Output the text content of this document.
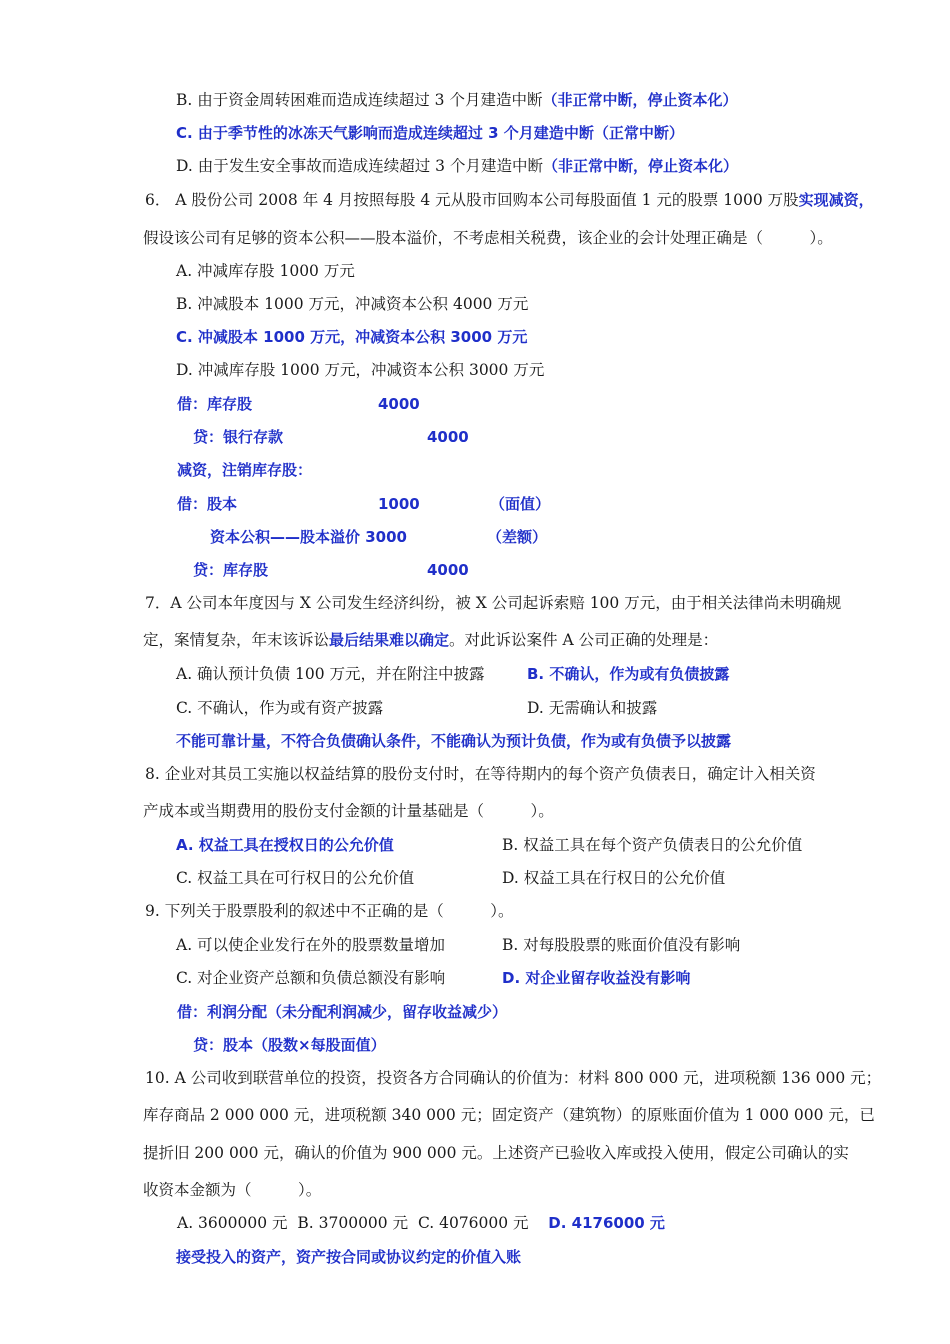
B. 由于资金周转困难而造成连续超过 3 个月建造中断（非正常中断，停止资本化）
C. 由于季节性的冰冻天气影响而造成连续超过 3 个月建造中断（正常中断）
D. 由于发生安全事故而造成连续超过 3 个月建造中断（非正常中断，停止资本化）
6． A 股份公司 2008 年 4 月按照每股 4 元从股市回购本公司每股面值 1 元的股票 1000 万股实现减资，
假设该公司有足够的资本公积——股本溢价，不考虑相关税费，该企业的会计处理正确是（　　　）。
A. 冲减库存股 1000 万元
B. 冲减股本 1000 万元，冲减资本公积 4000 万元
C. 冲减股本 1000 万元，冲减资本公积 3000 万元
D. 冲减库存股 1000 万元，冲减资本公积 3000 万元
借：库存股	4000
贷：银行存款	4000
减资，注销库存股：
借：股本	1000	（面值）
资本公积——股本溢价 3000	（差额）
贷：库存股	4000
7．A 公司本年度因与 X 公司发生经济纠纷，被 X 公司起诉索赔 100 万元，由于相关法律尚未明确规
定，案情复杂，年末该诉讼最后结果难以确定。对此诉讼案件 A 公司正确的处理是：
A. 确认预计负债 100 万元，并在附注中披露	B. 不确认，作为或有负债披露
C. 不确认，作为或有资产披露	D. 无需确认和披露
不能可靠计量，不符合负债确认条件，不能确认为预计负债，作为或有负债予以披露
8. 企业对其员工实施以权益结算的股份支付时，在等待期内的每个资产负债表日，确定计入相关资
产成本或当期费用的股份支付金额的计量基础是（　　　）。
A. 权益工具在授权日的公允价值	B. 权益工具在每个资产负债表日的公允价值
C. 权益工具在可行权日的公允价值	D. 权益工具在行权日的公允价值
9. 下列关于股票股利的叙述中不正确的是（　　　）。
A. 可以使企业发行在外的股票数量增加	B. 对每股股票的账面价值没有影响
C. 对企业资产总额和负债总额没有影响	D. 对企业留存收益没有影响
借：利润分配（未分配利润减少，留存收益减少）
贷：股本（股数×每股面值）
10. A 公司收到联营单位的投资，投资各方合同确认的价值为：材料 800 000 元，进项税额 136 000 元；
库存商品 2 000 000 元，进项税额 340 000 元；固定资产（建筑物）的原账面价值为 1 000 000 元，已
提折旧 200 000 元，确认的价值为 900 000 元。上述资产已验收入库或投入使用，假定公司确认的实
收资本金额为（　　　）。
A. 3600000 元 B. 3700000 元 C. 4076000 元 D. 4176000 元
接受投入的资产，资产按合同或协议约定的价值入账
